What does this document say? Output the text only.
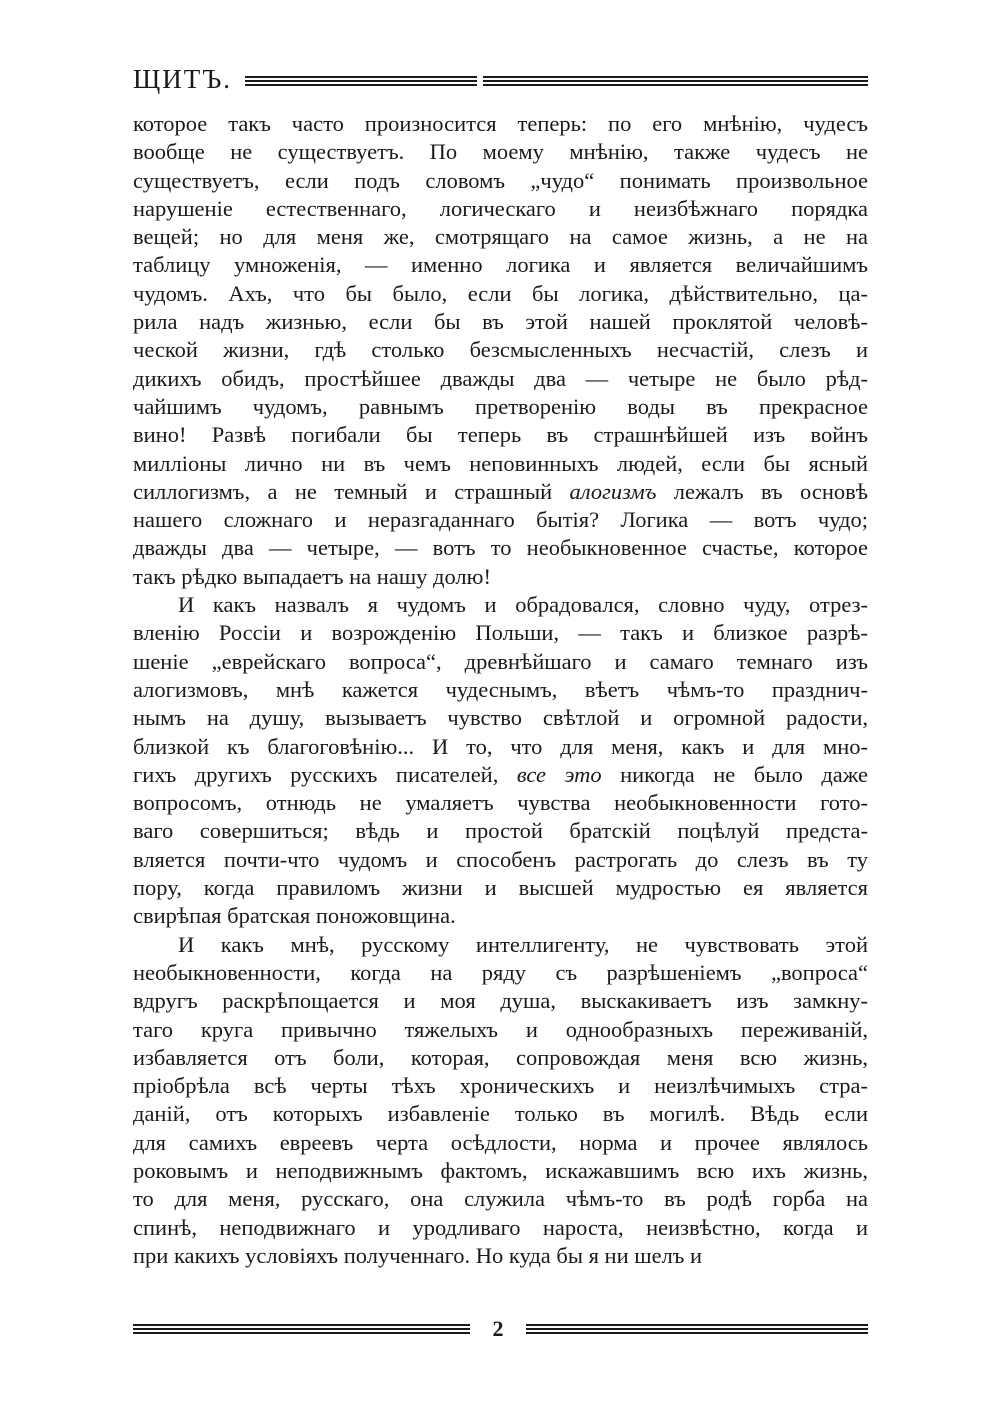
ЩИТЪ.

которое такъ часто произносится теперь: по его мнѣнію, чудесъ
вообще не существуетъ. По моему мнѣнію, также чудесъ не
существуетъ, если подъ словомъ „чудо“ понимать произвольное
нарушеніе естественнаго, логическаго и неизбѣжнаго порядка
вещей; но для меня же, смотрящаго на самое жизнь, а не на
таблицу умноженія, — именно логика и является величайшимъ
чудомъ. Ахъ, что бы было, если бы логика, дѣйствительно, ца-
рила надъ жизнью, если бы въ этой нашей проклятой человѣ-
ческой жизни, гдѣ столько безсмысленныхъ несчастій, слезъ и
дикихъ обидъ, простѣйшее дважды два — четыре не было рѣд-
чайшимъ чудомъ, равнымъ претворенію воды въ прекрасное
вино! Развѣ погибали бы теперь въ страшнѣйшей изъ войнъ
милліоны лично ни въ чемъ неповинныхъ людей, если бы ясный
силлогизмъ, а не темный и страшный алогизмъ лежалъ въ основѣ
нашего сложнаго и неразгаданнаго бытія? Логика — вотъ чудо;
дважды два — четыре, — вотъ то необыкновенное счастье, которое
такъ рѣдко выпадаетъ на нашу долю!

И какъ назвалъ я чудомъ и обрадовался, словно чуду, отрез-
вленію Россіи и возрожденію Польши, — такъ и близкое разрѣ-
шеніе „еврейскаго вопроса“, древнѣйшаго и самаго темнаго изъ
алогизмовъ, мнѣ кажется чудеснымъ, вѣетъ чѣмъ-то празднич-
нымъ на душу, вызываетъ чувство свѣтлой и огромной радости,
близкой къ благоговѣнію... И то, что для меня, какъ и для мно-
гихъ другихъ русскихъ писателей, все это никогда не было даже
вопросомъ, отнюдь не умаляетъ чувства необыкновенности гото-
ваго совершиться; вѣдь и простой братскій поцѣлуй предста-
вляется почти-что чудомъ и способенъ растрогать до слезъ въ ту
пору, когда правиломъ жизни и высшей мудростью ея является
свирѣпая братская поножовщина.

И какъ мнѣ, русскому интеллигенту, не чувствовать этой
необыкновенности, когда на ряду съ разрѣшеніемъ „вопроса“
вдругъ раскрѣпощается и моя душа, выскакиваетъ изъ замкну-
таго круга привычно тяжелыхъ и однообразныхъ переживаній,
избавляется отъ боли, которая, сопровождая меня всю жизнь,
пріобрѣла всѣ черты тѣхъ хроническихъ и неизлѣчимыхъ стра-
даній, отъ которыхъ избавленіе только въ могилѣ. Вѣдь если
для самихъ евреевъ черта осѣдлости, норма и прочее являлось
роковымъ и неподвижнымъ фактомъ, искажавшимъ всю ихъ жизнь,
то для меня, русскаго, она служила чѣмъ-то въ родѣ горба на
спинѣ, неподвижнаго и уродливаго нароста, неизвѣстно, когда и
при какихъ условіяхъ полученнаго. Но куда бы я ни шелъ и

2
